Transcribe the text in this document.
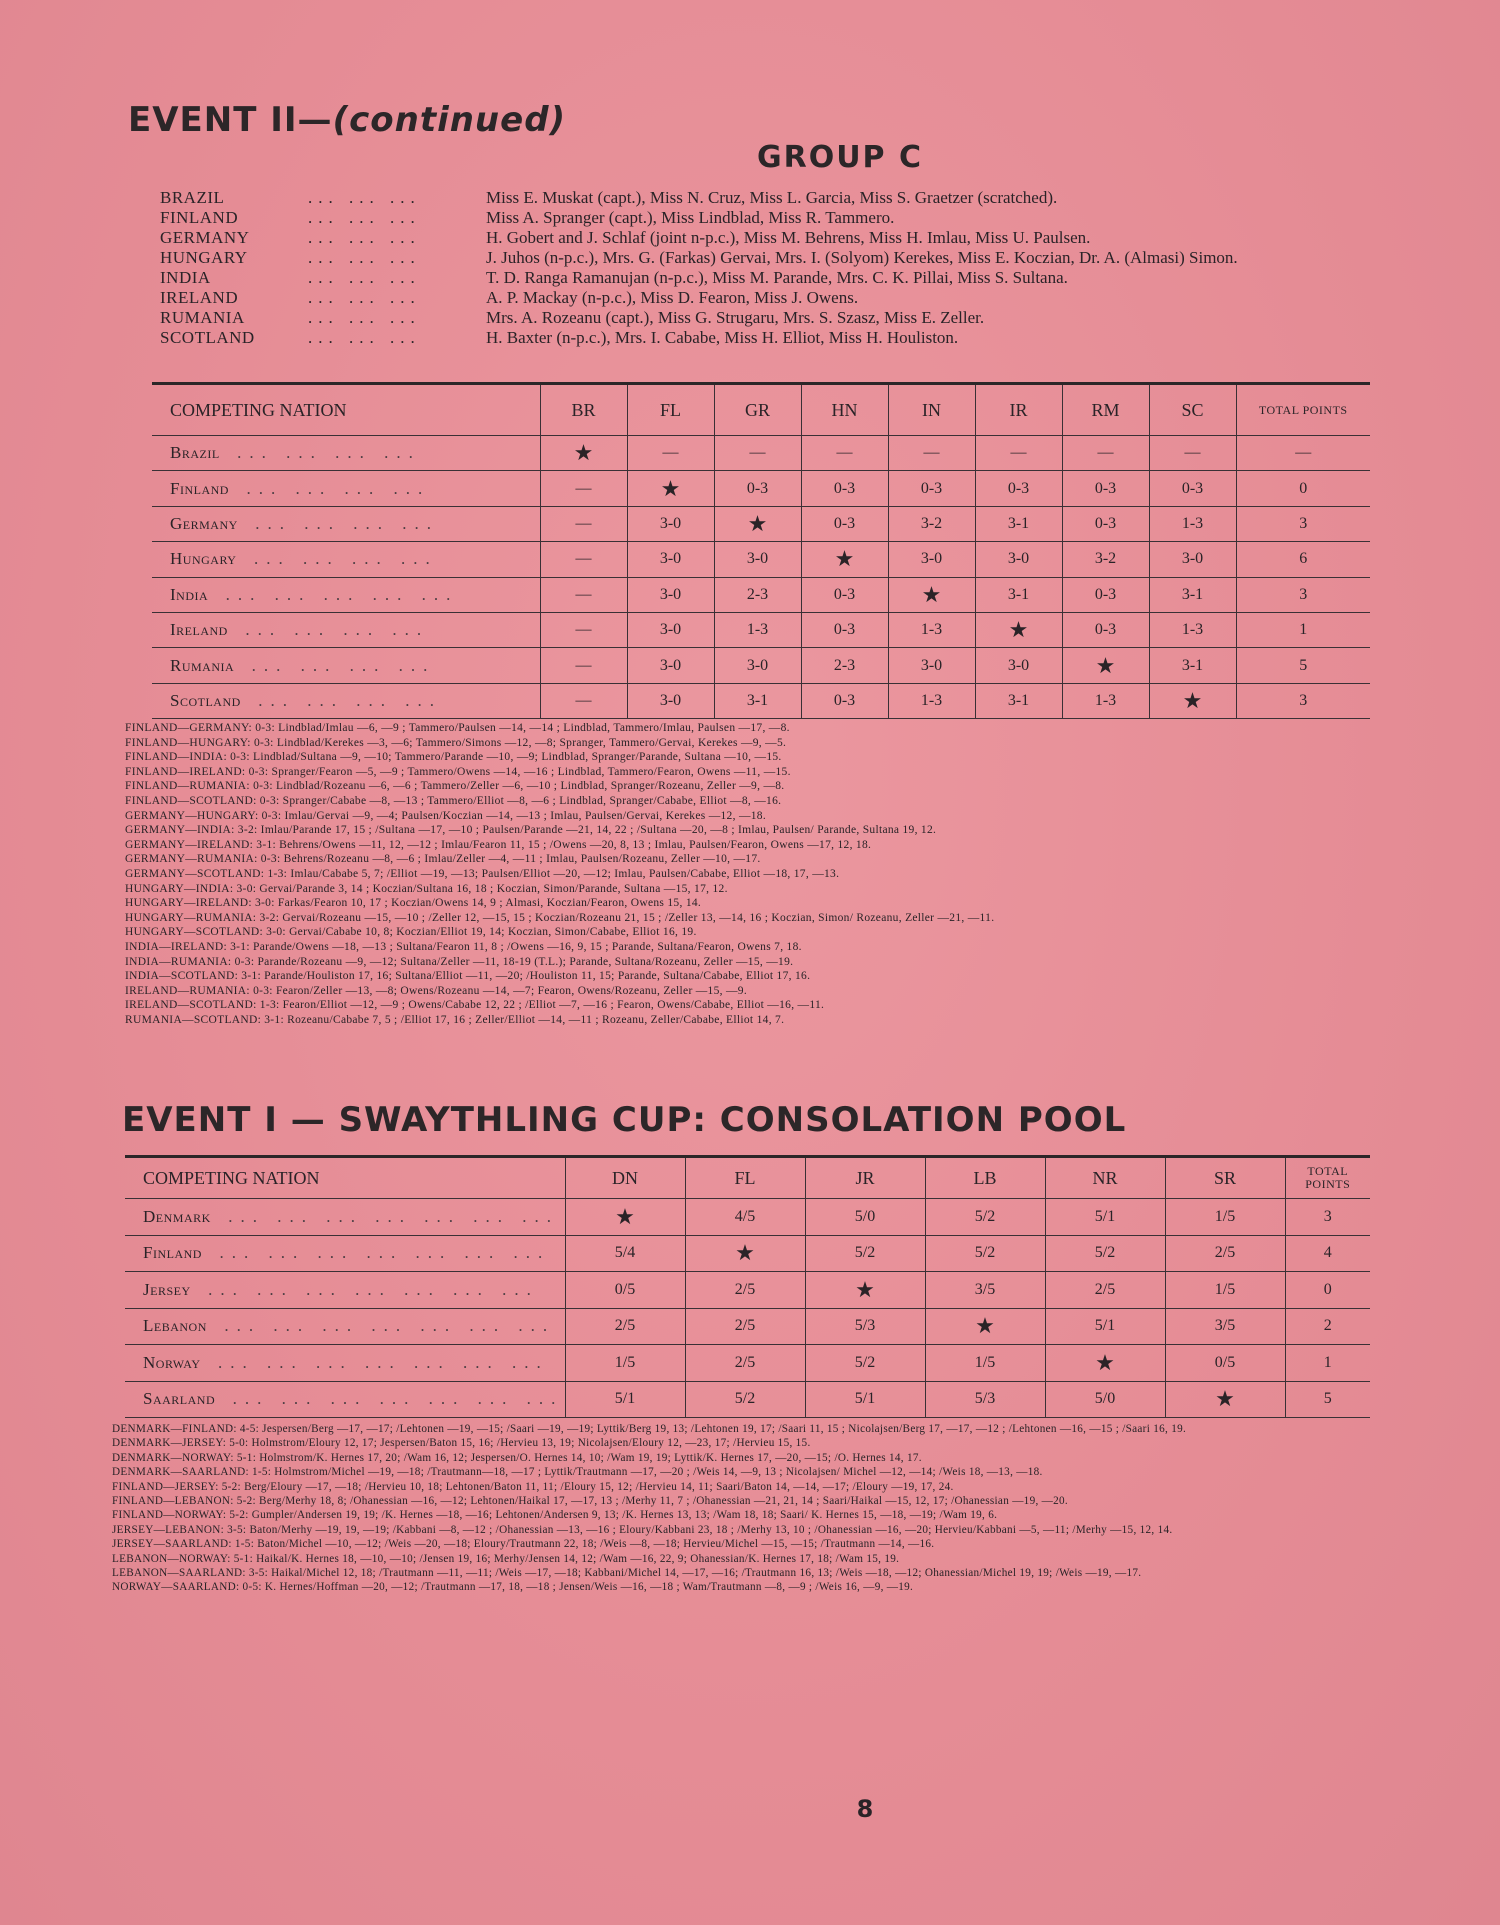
EVENT II—(continued)
GROUP C
BRAZIL	... ... ...	Miss E. Muskat (capt.), Miss N. Cruz, Miss L. Garcia, Miss S. Graetzer (scratched).
FINLAND	... ... ...	Miss A. Spranger (capt.), Miss Lindblad, Miss R. Tammero.
GERMANY	... ... ...	H. Gobert and J. Schlaf (joint n-p.c.), Miss M. Behrens, Miss H. Imlau, Miss U. Paulsen.
HUNGARY	... ... ...	J. Juhos (n-p.c.), Mrs. G. (Farkas) Gervai, Mrs. I. (Solyom) Kerekes, Miss E. Koczian, Dr. A. (Almasi) Simon.
INDIA	... ... ...	T. D. Ranga Ramanujan (n-p.c.), Miss M. Parande, Mrs. C. K. Pillai, Miss S. Sultana.
IRELAND	... ... ...	A. P. Mackay (n-p.c.), Miss D. Fearon, Miss J. Owens.
RUMANIA	... ... ...	Mrs. A. Rozeanu (capt.), Miss G. Strugaru, Mrs. S. Szasz, Miss E. Zeller.
SCOTLAND	... ... ...	H. Baxter (n-p.c.), Mrs. I. Cababe, Miss H. Elliot, Miss H. Houliston.
COMPETING NATION	BR	FL	GR	HN	IN	IR	RM	SC	TOTAL POINTS
Brazil  ... ... ... ...	★	—	—	—	—	—	—	—	—
Finland  ... ... ... ...	—	★	0-3	0-3	0-3	0-3	0-3	0-3	0
Germany  ... ... ... ...	—	3-0	★	0-3	3-2	3-1	0-3	1-3	3
Hungary  ... ... ... ...	—	3-0	3-0	★	3-0	3-0	3-2	3-0	6
India  ... ... ... ... ...	—	3-0	2-3	0-3	★	3-1	0-3	3-1	3
Ireland  ... ... ... ...	—	3-0	1-3	0-3	1-3	★	0-3	1-3	1
Rumania  ... ... ... ...	—	3-0	3-0	2-3	3-0	3-0	★	3-1	5
Scotland  ... ... ... ...	—	3-0	3-1	0-3	1-3	3-1	1-3	★	3

FINLAND—GERMANY: 0-3: Lindblad/Imlau —6, —9 ; Tammero/Paulsen —14, —14 ; Lindblad, Tammero/Imlau, Paulsen —17, —8.

FINLAND—HUNGARY: 0-3: Lindblad/Kerekes —3, —6; Tammero/Simons —12, —8; Spranger, Tammero/Gervai, Kerekes —9, —5.

FINLAND—INDIA: 0-3: Lindblad/Sultana —9, —10; Tammero/Parande —10, —9; Lindblad, Spranger/Parande, Sultana —10, —15.

FINLAND—IRELAND: 0-3: Spranger/Fearon —5, —9 ; Tammero/Owens —14, —16 ; Lindblad, Tammero/Fearon, Owens —11, —15.

FINLAND—RUMANIA: 0-3: Lindblad/Rozeanu —6, —6 ; Tammero/Zeller —6, —10 ; Lindblad, Spranger/Rozeanu, Zeller —9, —8.

FINLAND—SCOTLAND: 0-3: Spranger/Cababe —8, —13 ; Tammero/Elliot —8, —6 ; Lindblad, Spranger/Cababe, Elliot —8, —16.

GERMANY—HUNGARY: 0-3: Imlau/Gervai —9, —4; Paulsen/Koczian —14, —13 ; Imlau, Paulsen/Gervai, Kerekes —12, —18.

GERMANY—INDIA: 3-2: Imlau/Parande 17, 15 ; /Sultana —17, —10 ; Paulsen/Parande —21, 14, 22 ; /Sultana —20, —8 ; Imlau, Paulsen/ Parande, Sultana 19, 12.

GERMANY—IRELAND: 3-1: Behrens/Owens —11, 12, —12 ; Imlau/Fearon 11, 15 ; /Owens —20, 8, 13 ; Imlau, Paulsen/Fearon, Owens —17, 12, 18.

GERMANY—RUMANIA: 0-3: Behrens/Rozeanu —8, —6 ; Imlau/Zeller —4, —11 ; Imlau, Paulsen/Rozeanu, Zeller —10, —17.

GERMANY—SCOTLAND: 1-3: Imlau/Cababe 5, 7; /Elliot —19, —13; Paulsen/Elliot —20, —12; Imlau, Paulsen/Cababe, Elliot —18, 17, —13.

HUNGARY—INDIA: 3-0: Gervai/Parande 3, 14 ; Koczian/Sultana 16, 18 ; Koczian, Simon/Parande, Sultana —15, 17, 12.

HUNGARY—IRELAND: 3-0: Farkas/Fearon 10, 17 ; Koczian/Owens 14, 9 ; Almasi, Koczian/Fearon, Owens 15, 14.

HUNGARY—RUMANIA: 3-2: Gervai/Rozeanu —15, —10 ; /Zeller 12, —15, 15 ; Koczian/Rozeanu 21, 15 ; /Zeller 13, —14, 16 ; Koczian, Simon/ Rozeanu, Zeller —21, —11.

HUNGARY—SCOTLAND: 3-0: Gervai/Cababe 10, 8; Koczian/Elliot 19, 14; Koczian, Simon/Cababe, Elliot 16, 19.

INDIA—IRELAND: 3-1: Parande/Owens —18, —13 ; Sultana/Fearon 11, 8 ; /Owens —16, 9, 15 ; Parande, Sultana/Fearon, Owens 7, 18.

INDIA—RUMANIA: 0-3: Parande/Rozeanu —9, —12; Sultana/Zeller —11, 18-19 (T.L.); Parande, Sultana/Rozeanu, Zeller —15, —19.

INDIA—SCOTLAND: 3-1: Parande/Houliston 17, 16; Sultana/Elliot —11, —20; /Houliston 11, 15; Parande, Sultana/Cababe, Elliot 17, 16.

IRELAND—RUMANIA: 0-3: Fearon/Zeller —13, —8; Owens/Rozeanu —14, —7; Fearon, Owens/Rozeanu, Zeller —15, —9.

IRELAND—SCOTLAND: 1-3: Fearon/Elliot —12, —9 ; Owens/Cababe 12, 22 ; /Elliot —7, —16 ; Fearon, Owens/Cababe, Elliot —16, —11.

RUMANIA—SCOTLAND: 3-1: Rozeanu/Cababe 7, 5 ; /Elliot 17, 16 ; Zeller/Elliot —14, —11 ; Rozeanu, Zeller/Cababe, Elliot 14, 7.

EVENT I — SWAYTHLING CUP: CONSOLATION POOL
COMPETING NATION	DN	FL	JR	LB	NR	SR	TOTAL POINTS
Denmark  ... ... ... ... ... ... ...	★	4/5	5/0	5/2	5/1	1/5	3
Finland  ... ... ... ... ... ... ...	5/4	★	5/2	5/2	5/2	2/5	4
Jersey  ... ... ... ... ... ... ...	0/5	2/5	★	3/5	2/5	1/5	0
Lebanon  ... ... ... ... ... ... ...	2/5	2/5	5/3	★	5/1	3/5	2
Norway  ... ... ... ... ... ... ...	1/5	2/5	5/2	1/5	★	0/5	1
Saarland  ... ... ... ... ... ... ...	5/1	5/2	5/1	5/3	5/0	★	5

DENMARK—FINLAND: 4-5: Jespersen/Berg —17, —17; /Lehtonen —19, —15; /Saari —19, —19; Lyttik/Berg 19, 13; /Lehtonen 19, 17; /Saari 11, 15 ; Nicolajsen/Berg 17, —17, —12 ; /Lehtonen —16, —15 ; /Saari 16, 19.

DENMARK—JERSEY: 5-0: Holmstrom/Eloury 12, 17; Jespersen/Baton 15, 16; /Hervieu 13, 19; Nicolajsen/Eloury 12, —23, 17; /Hervieu 15, 15.

DENMARK—NORWAY: 5-1: Holmstrom/K. Hernes 17, 20; /Wam 16, 12; Jespersen/O. Hernes 14, 10; /Wam 19, 19; Lyttik/K. Hernes 17, —20, —15; /O. Hernes 14, 17.

DENMARK—SAARLAND: 1-5: Holmstrom/Michel —19, —18; /Trautmann—18, —17 ; Lyttik/Trautmann —17, —20 ; /Weis 14, —9, 13 ; Nicolajsen/ Michel —12, —14; /Weis 18, —13, —18.

FINLAND—JERSEY: 5-2: Berg/Eloury —17, —18; /Hervieu 10, 18; Lehtonen/Baton 11, 11; /Eloury 15, 12; /Hervieu 14, 11; Saari/Baton 14, —14, —17; /Eloury —19, 17, 24.

FINLAND—LEBANON: 5-2: Berg/Merhy 18, 8; /Ohanessian —16, —12; Lehtonen/Haikal 17, —17, 13 ; /Merhy 11, 7 ; /Ohanessian —21, 21, 14 ; Saari/Haikal —15, 12, 17; /Ohanessian —19, —20.

FINLAND—NORWAY: 5-2: Gumpler/Andersen 19, 19; /K. Hernes —18, —16; Lehtonen/Andersen 9, 13; /K. Hernes 13, 13; /Wam 18, 18; Saari/ K. Hernes 15, —18, —19; /Wam 19, 6.

JERSEY—LEBANON: 3-5: Baton/Merhy —19, 19, —19; /Kabbani —8, —12 ; /Ohanessian —13, —16 ; Eloury/Kabbani 23, 18 ; /Merhy 13, 10 ; /Ohanessian —16, —20; Hervieu/Kabbani —5, —11; /Merhy —15, 12, 14.

JERSEY—SAARLAND: 1-5: Baton/Michel —10, —12; /Weis —20, —18; Eloury/Trautmann 22, 18; /Weis —8, —18; Hervieu/Michel —15, —15; /Trautmann —14, —16.

LEBANON—NORWAY: 5-1: Haikal/K. Hernes 18, —10, —10; /Jensen 19, 16; Merhy/Jensen 14, 12; /Wam —16, 22, 9; Ohanessian/K. Hernes 17, 18; /Wam 15, 19.

LEBANON—SAARLAND: 3-5: Haikal/Michel 12, 18; /Trautmann —11, —11; /Weis —17, —18; Kabbani/Michel 14, —17, —16; /Trautmann 16, 13; /Weis —18, —12; Ohanessian/Michel 19, 19; /Weis —19, —17.

NORWAY—SAARLAND: 0-5: K. Hernes/Hoffman —20, —12; /Trautmann —17, 18, —18 ; Jensen/Weis —16, —18 ; Wam/Trautmann —8, —9 ; /Weis 16, —9, —19.

8
